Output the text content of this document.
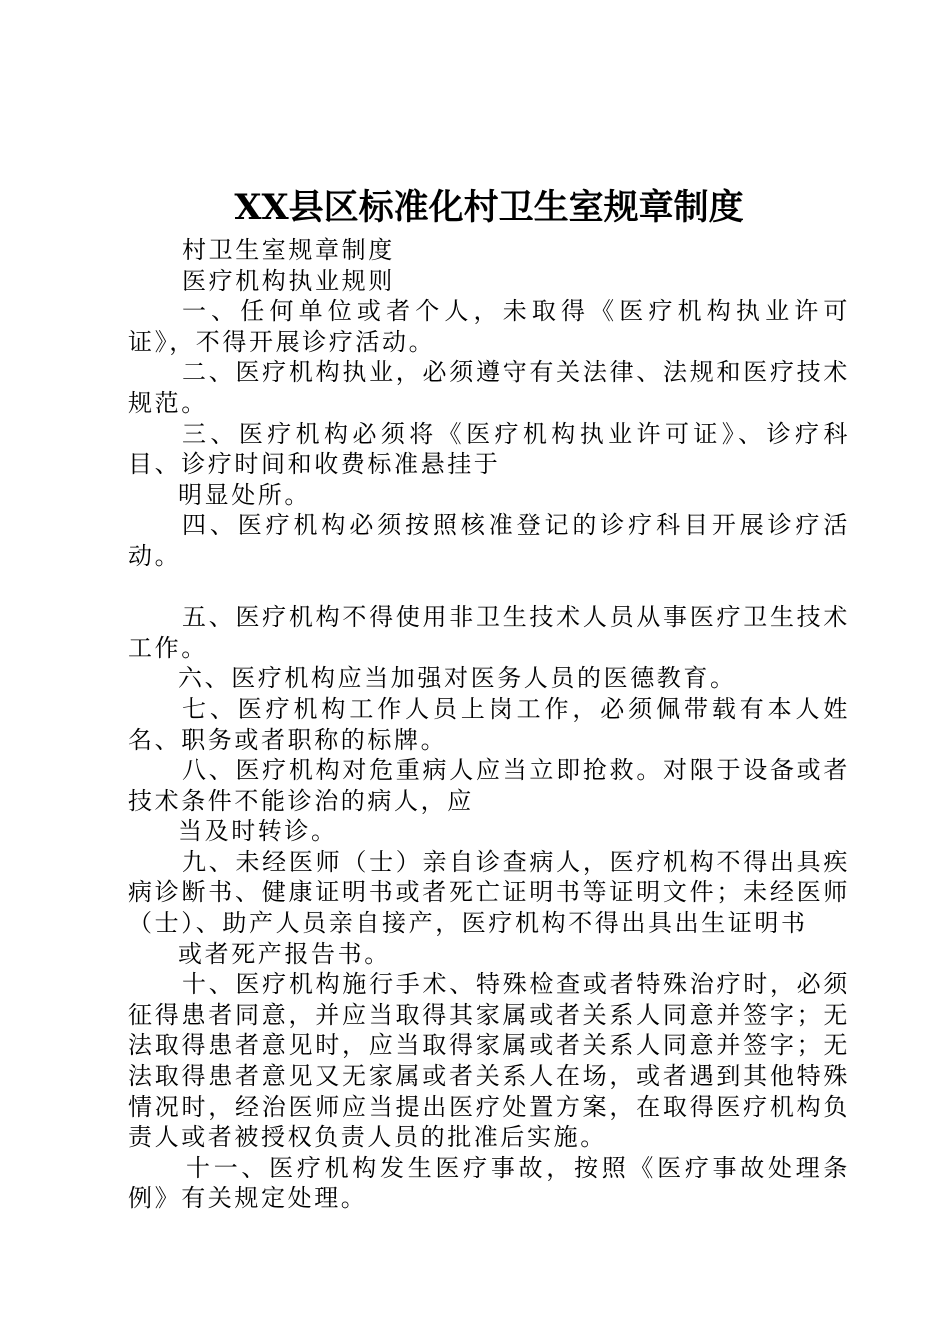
XX县区标准化村卫生室规章制度

村卫生室规章制度

医疗机构执业规则

一、任何单位或者个人，未取得《医疗机构执业许可证》，不得开展诊疗活动。

二、医疗机构执业，必须遵守有关法律、法规和医疗技术规范。

三、医疗机构必须将《医疗机构执业许可证》、诊疗科目、诊疗时间和收费标准悬挂于

明显处所。

四、医疗机构必须按照核准登记的诊疗科目开展诊疗活动。

五、医疗机构不得使用非卫生技术人员从事医疗卫生技术工作。

六、医疗机构应当加强对医务人员的医德教育。

七、医疗机构工作人员上岗工作，必须佩带载有本人姓名、职务或者职称的标牌。

八、医疗机构对危重病人应当立即抢救。对限于设备或者技术条件不能诊治的病人，应

当及时转诊。

九、未经医师（士）亲自诊查病人，医疗机构不得出具疾病诊断书、健康证明书或者死亡证明书等证明文件；未经医师（士）、助产人员亲自接产，医疗机构不得出具出生证明书

或者死产报告书。

十、医疗机构施行手术、特殊检查或者特殊治疗时，必须征得患者同意，并应当取得其家属或者关系人同意并签字；无法取得患者意见时，应当取得家属或者关系人同意并签字；无法取得患者意见又无家属或者关系人在场，或者遇到其他特殊情况时，经治医师应当提出医疗处置方案，在取得医疗机构负责人或者被授权负责人员的批准后实施。

十一、医疗机构发生医疗事故，按照《医疗事故处理条例》有关规定处理。
